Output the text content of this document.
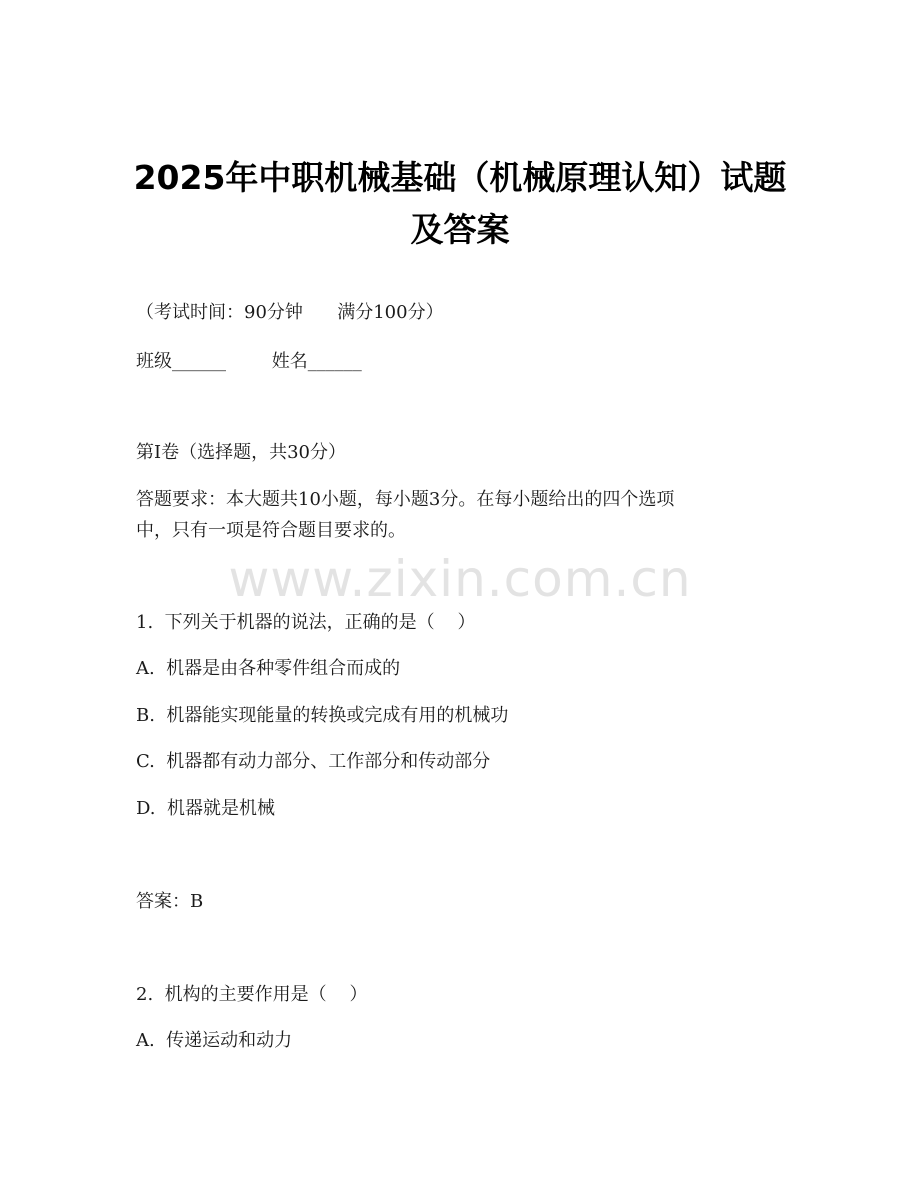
2025年中职机械基础（机械原理认知）试题
及答案
（考试时间：90分钟      满分100分）
班级______        姓名______
第I卷（选择题，共30分）
答题要求：本大题共10小题，每小题3分。在每小题给出的四个选项
中，只有一项是符合题目要求的。
www.zixin.com.cn
1.  下列关于机器的说法，正确的是（    ）
A.  机器是由各种零件组合而成的
B.  机器能实现能量的转换或完成有用的机械功
C.  机器都有动力部分、工作部分和传动部分
D.  机器就是机械
答案：B
2.  机构的主要作用是（    ）
A.  传递运动和动力
